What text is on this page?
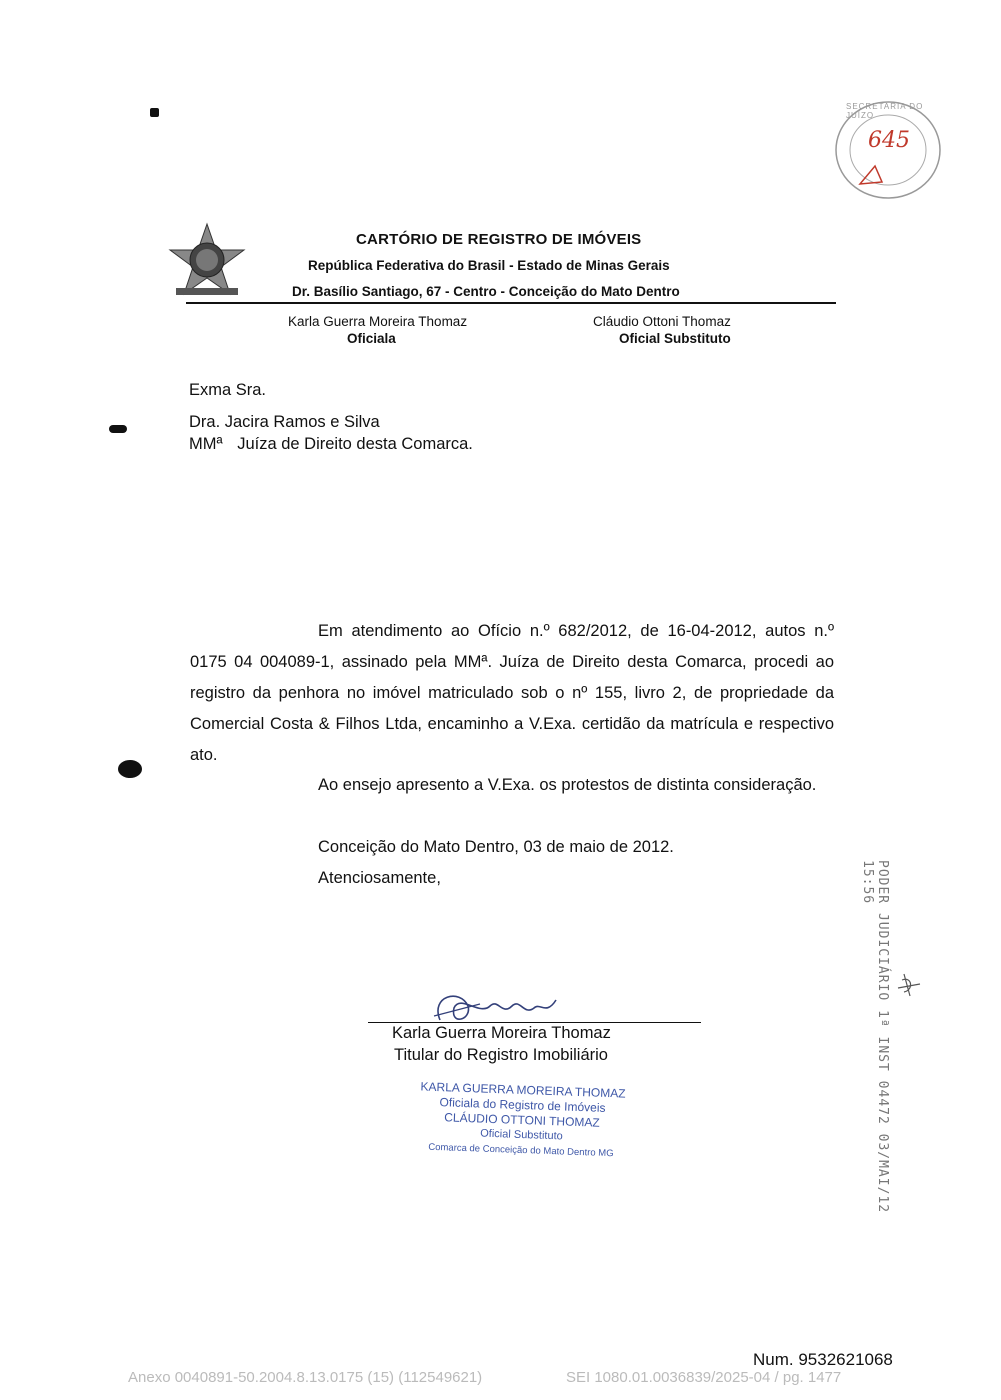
SECRETARIA DO JUÍZO
645
CARTÓRIO DE REGISTRO DE IMÓVEIS
República Federativa do Brasil - Estado de Minas Gerais
Dr. Basílio Santiago, 67 - Centro - Conceição do Mato Dentro
Karla Guerra Moreira Thomaz
Oficiala
Cláudio Ottoni Thomaz
Oficial Substituto
Exma Sra.
Dra. Jacira Ramos e Silva
MMª Juíza de Direito desta Comarca.
Em atendimento ao Ofício n.º 682/2012, de 16-04-2012, autos n.º 0175 04 004089-1, assinado pela MMª. Juíza de Direito desta Comarca, procedi ao registro da penhora no imóvel matriculado sob o nº 155, livro 2, de propriedade da Comercial Costa & Filhos Ltda, encaminho a V.Exa. certidão da matrícula e respectivo ato.
Ao ensejo apresento a V.Exa. os protestos de distinta consideração.
Conceição do Mato Dentro, 03 de maio de 2012.
Atenciosamente,
Karla Guerra Moreira Thomaz
Titular do Registro Imobiliário
KARLA GUERRA MOREIRA THOMAZ
Oficiala do Registro de Imóveis
CLÁUDIO OTTONI THOMAZ
Oficial Substituto
Comarca de Conceição do Mato Dentro MG	PODER JUDICIÁRIO 1ª INST 04472 03/MAI/12 15:56
Num. 9532621068
Anexo 0040891-50.2004.8.13.0175 (15) (112549621)	SEI 1080.01.0036839/2025-04 / pg. 1477
